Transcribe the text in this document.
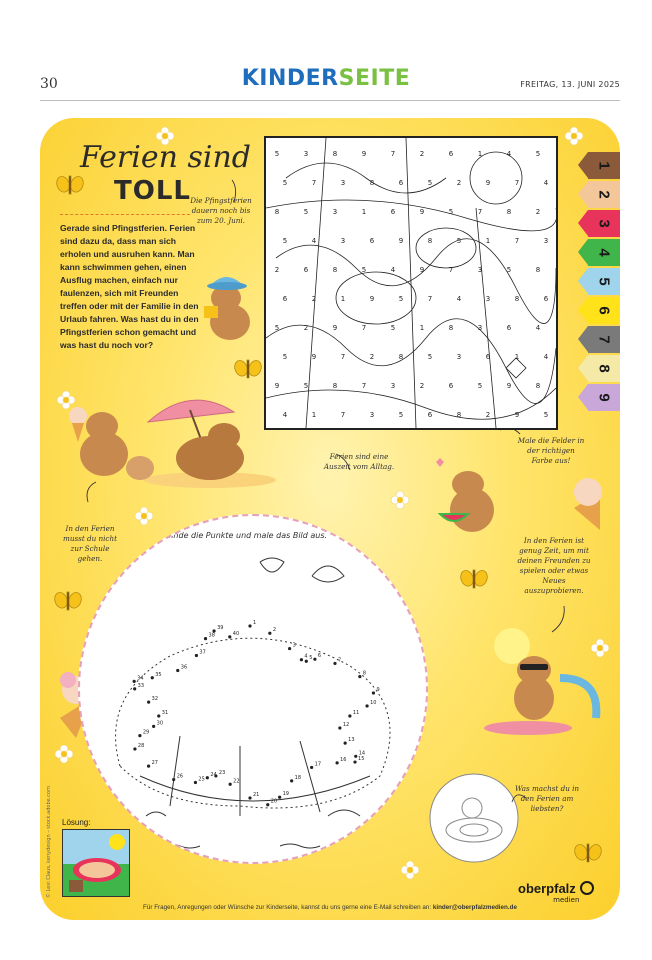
30	KINDERSEITE	FREITAG, 13. JUNI 2025
Ferien sind
TOLL
Gerade sind Pfingstferien. Ferien sind dazu da, dass man sich erholen und ausruhen kann. Man kann schwimmen gehen, einen Ausflug machen, einfach nur faulenzen, sich mit Freunden treffen oder mit der Familie in den Urlaub fahren. Was hast du in den Pfingstferien schon gemacht und was hast du noch vor?
Die Pfingstferien dauern noch bis zum 20. Juni.
Male die Felder in der richtigen Farbe aus!
Ferien sind eine Auszeit vom Alltag.
In den Ferien musst du nicht zur Schule gehen.
In den Ferien ist genug Zeit, um mit deinen Freunden zu spielen oder etwas Neues auszuprobieren.
Was machst du in den Ferien am liebsten?
5	3	8	9	7	2	6	1	4	5
5	7	3	8	6	5	2	9	7	4
8	5	3	1	6	9	5	7	8	2
5	4	3	6	9	8	5	1	7	3
2	6	8	5	4	9	7	3	5	8
6	2	1	9	5	7	4	3	8	6
5	2	9	7	5	1	8	3	6	4
5	9	7	2	8	5	3	6	1	4
9	5	8	7	3	2	6	5	9	8
4	1	7	3	5	6	8	2	9	5
1
2
3
4
5
6
7
8
9
Verbinde die Punkte und male das Bild aus.
1
2
3
4 5 6
7
8
9
10
11
12
13
14
15
16
17
18
19
20
21
22
23
24
25
26
27
28
29
30
31
32
33
34
35
36
37
38
39
40
Lösung:
© Lexi Claus, kenydesign – stock.adobe.com
Für Fragen, Anregungen oder Wünsche zur Kinderseite, kannst du uns gerne eine E-Mail schreiben an: kinder@oberpfalzmedien.de
oberpfalz
medien
